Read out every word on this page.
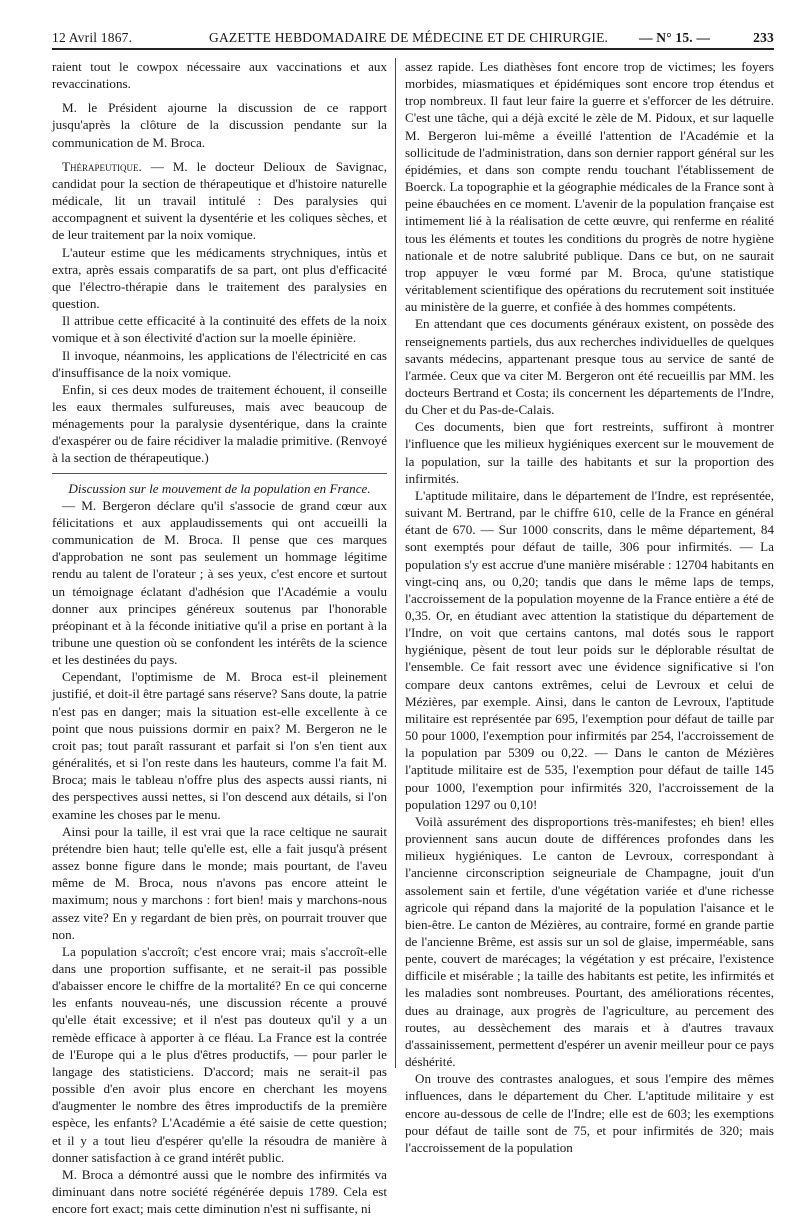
12 Avril 1867.	GAZETTE HEBDOMADAIRE DE MÉDECINE ET DE CHIRURGIE. — N° 15. —	233

raient tout le cowpox nécessaire aux vaccinations et aux revaccinations.

M. le Président ajourne la discussion de ce rapport jusqu'après la clôture de la discussion pendante sur la communication de M. Broca.

Thérapeutique. — M. le docteur Delioux de Savignac, candidat pour la section de thérapeutique et d'histoire naturelle médicale, lit un travail intitulé : Des paralysies qui accompagnent et suivent la dysentérie et les coliques sèches, et de leur traitement par la noix vomique.

L'auteur estime que les médicaments strychniques, intùs et extra, après essais comparatifs de sa part, ont plus d'efficacité que l'électro-thérapie dans le traitement des paralysies en question.

Il attribue cette efficacité à la continuité des effets de la noix vomique et à son électivité d'action sur la moelle épinière.

Il invoque, néanmoins, les applications de l'électricité en cas d'insuffisance de la noix vomique.

Enfin, si ces deux modes de traitement échouent, il conseille les eaux thermales sulfureuses, mais avec beaucoup de ménagements pour la paralysie dysentérique, dans la crainte d'exaspérer ou de faire récidiver la maladie primitive. (Renvoyé à la section de thérapeutique.)

Discussion sur le mouvement de la population en France.

— M. Bergeron déclare qu'il s'associe de grand cœur aux félicitations et aux applaudissements qui ont accueilli la communication de M. Broca. Il pense que ces marques d'approbation ne sont pas seulement un hommage légitime rendu au talent de l'orateur ; à ses yeux, c'est encore et surtout un témoignage éclatant d'adhésion que l'Académie a voulu donner aux principes généreux soutenus par l'honorable préopinant et à la féconde initiative qu'il a prise en portant à la tribune une question où se confondent les intérêts de la science et les destinées du pays.

Cependant, l'optimisme de M. Broca est-il pleinement justifié, et doit-il être partagé sans réserve? Sans doute, la patrie n'est pas en danger; mais la situation est-elle excellente à ce point que nous puissions dormir en paix? M. Bergeron ne le croit pas; tout paraît rassurant et parfait si l'on s'en tient aux généralités, et si l'on reste dans les hauteurs, comme l'a fait M. Broca; mais le tableau n'offre plus des aspects aussi riants, ni des perspectives aussi nettes, si l'on descend aux détails, si l'on examine les choses par le menu.

Ainsi pour la taille, il est vrai que la race celtique ne saurait prétendre bien haut; telle qu'elle est, elle a fait jusqu'à présent assez bonne figure dans le monde; mais pourtant, de l'aveu même de M. Broca, nous n'avons pas encore atteint le maximum; nous y marchons : fort bien! mais y marchons-nous assez vite? En y regardant de bien près, on pourrait trouver que non.

La population s'accroît; c'est encore vrai; mais s'accroît-elle dans une proportion suffisante, et ne serait-il pas possible d'abaisser encore le chiffre de la mortalité? En ce qui concerne les enfants nouveau-nés, une discussion récente a prouvé qu'elle était excessive; et il n'est pas douteux qu'il y a un remède efficace à apporter à ce fléau. La France est la contrée de l'Europe qui a le plus d'êtres productifs, — pour parler le langage des statisticiens. D'accord; mais ne serait-il pas possible d'en avoir plus encore en cherchant les moyens d'augmenter le nombre des êtres improductifs de la première espèce, les enfants? L'Académie a été saisie de cette question; et il y a tout lieu d'espérer qu'elle la résoudra de manière à donner satisfaction à ce grand intérêt public.

M. Broca a démontré aussi que le nombre des infirmités va diminuant dans notre société régénérée depuis 1789. Cela est encore fort exact; mais cette diminution n'est ni suffisante, ni

assez rapide. Les diathèses font encore trop de victimes; les foyers morbides, miasmatiques et épidémiques sont encore trop étendus et trop nombreux. Il faut leur faire la guerre et s'efforcer de les détruire. C'est une tâche, qui a déjà excité le zèle de M. Pidoux, et sur laquelle M. Bergeron lui-même a éveillé l'attention de l'Académie et la sollicitude de l'administration, dans son dernier rapport général sur les épidémies, et dans son compte rendu touchant l'établissement de Boerck. La topographie et la géographie médicales de la France sont à peine ébauchées en ce moment. L'avenir de la population française est intimement lié à la réalisation de cette œuvre, qui renferme en réalité tous les éléments et toutes les conditions du progrès de notre hygiène nationale et de notre salubrité publique. Dans ce but, on ne saurait trop appuyer le vœu formé par M. Broca, qu'une statistique véritablement scientifique des opérations du recrutement soit instituée au ministère de la guerre, et confiée à des hommes compétents.

En attendant que ces documents généraux existent, on possède des renseignements partiels, dus aux recherches individuelles de quelques savants médecins, appartenant presque tous au service de santé de l'armée. Ceux que va citer M. Bergeron ont été recueillis par MM. les docteurs Bertrand et Costa; ils concernent les départements de l'Indre, du Cher et du Pas-de-Calais.

Ces documents, bien que fort restreints, suffiront à montrer l'influence que les milieux hygiéniques exercent sur le mouvement de la population, sur la taille des habitants et sur la proportion des infirmités.

L'aptitude militaire, dans le département de l'Indre, est représentée, suivant M. Bertrand, par le chiffre 610, celle de la France en général étant de 670. — Sur 1000 conscrits, dans le même département, 84 sont exemptés pour défaut de taille, 306 pour infirmités. — La population s'y est accrue d'une manière misérable : 12704 habitants en vingt-cinq ans, ou 0,20; tandis que dans le même laps de temps, l'accroissement de la population moyenne de la France entière a été de 0,35. Or, en étudiant avec attention la statistique du département de l'Indre, on voit que certains cantons, mal dotés sous le rapport hygiénique, pèsent de tout leur poids sur le déplorable résultat de l'ensemble. Ce fait ressort avec une évidence significative si l'on compare deux cantons extrêmes, celui de Levroux et celui de Mézières, par exemple. Ainsi, dans le canton de Levroux, l'aptitude militaire est représentée par 695, l'exemption pour défaut de taille par 50 pour 1000, l'exemption pour infirmités par 254, l'accroissement de la population par 5309 ou 0,22. — Dans le canton de Mézières l'aptitude militaire est de 535, l'exemption pour défaut de taille 145 pour 1000, l'exemption pour infirmités 320, l'accroissement de la population 1297 ou 0,10!

Voilà assurément des disproportions très-manifestes; eh bien! elles proviennent sans aucun doute de différences profondes dans les milieux hygiéniques. Le canton de Levroux, correspondant à l'ancienne circonscription seigneuriale de Champagne, jouit d'un assolement sain et fertile, d'une végétation variée et d'une richesse agricole qui répand dans la majorité de la population l'aisance et le bien-être. Le canton de Mézières, au contraire, formé en grande partie de l'ancienne Brême, est assis sur un sol de glaise, imperméable, sans pente, couvert de marécages; la végétation y est précaire, l'existence difficile et misérable ; la taille des habitants est petite, les infirmités et les maladies sont nombreuses. Pourtant, des améliorations récentes, dues au drainage, aux progrès de l'agriculture, au percement des routes, au dessèchement des marais et à d'autres travaux d'assainissement, permettent d'espérer un avenir meilleur pour ce pays déshérité.

On trouve des contrastes analogues, et sous l'empire des mêmes influences, dans le département du Cher. L'aptitude militaire y est encore au-dessous de celle de l'Indre; elle est de 603; les exemptions pour défaut de taille sont de 75, et pour infirmités de 320; mais l'accroissement de la population
